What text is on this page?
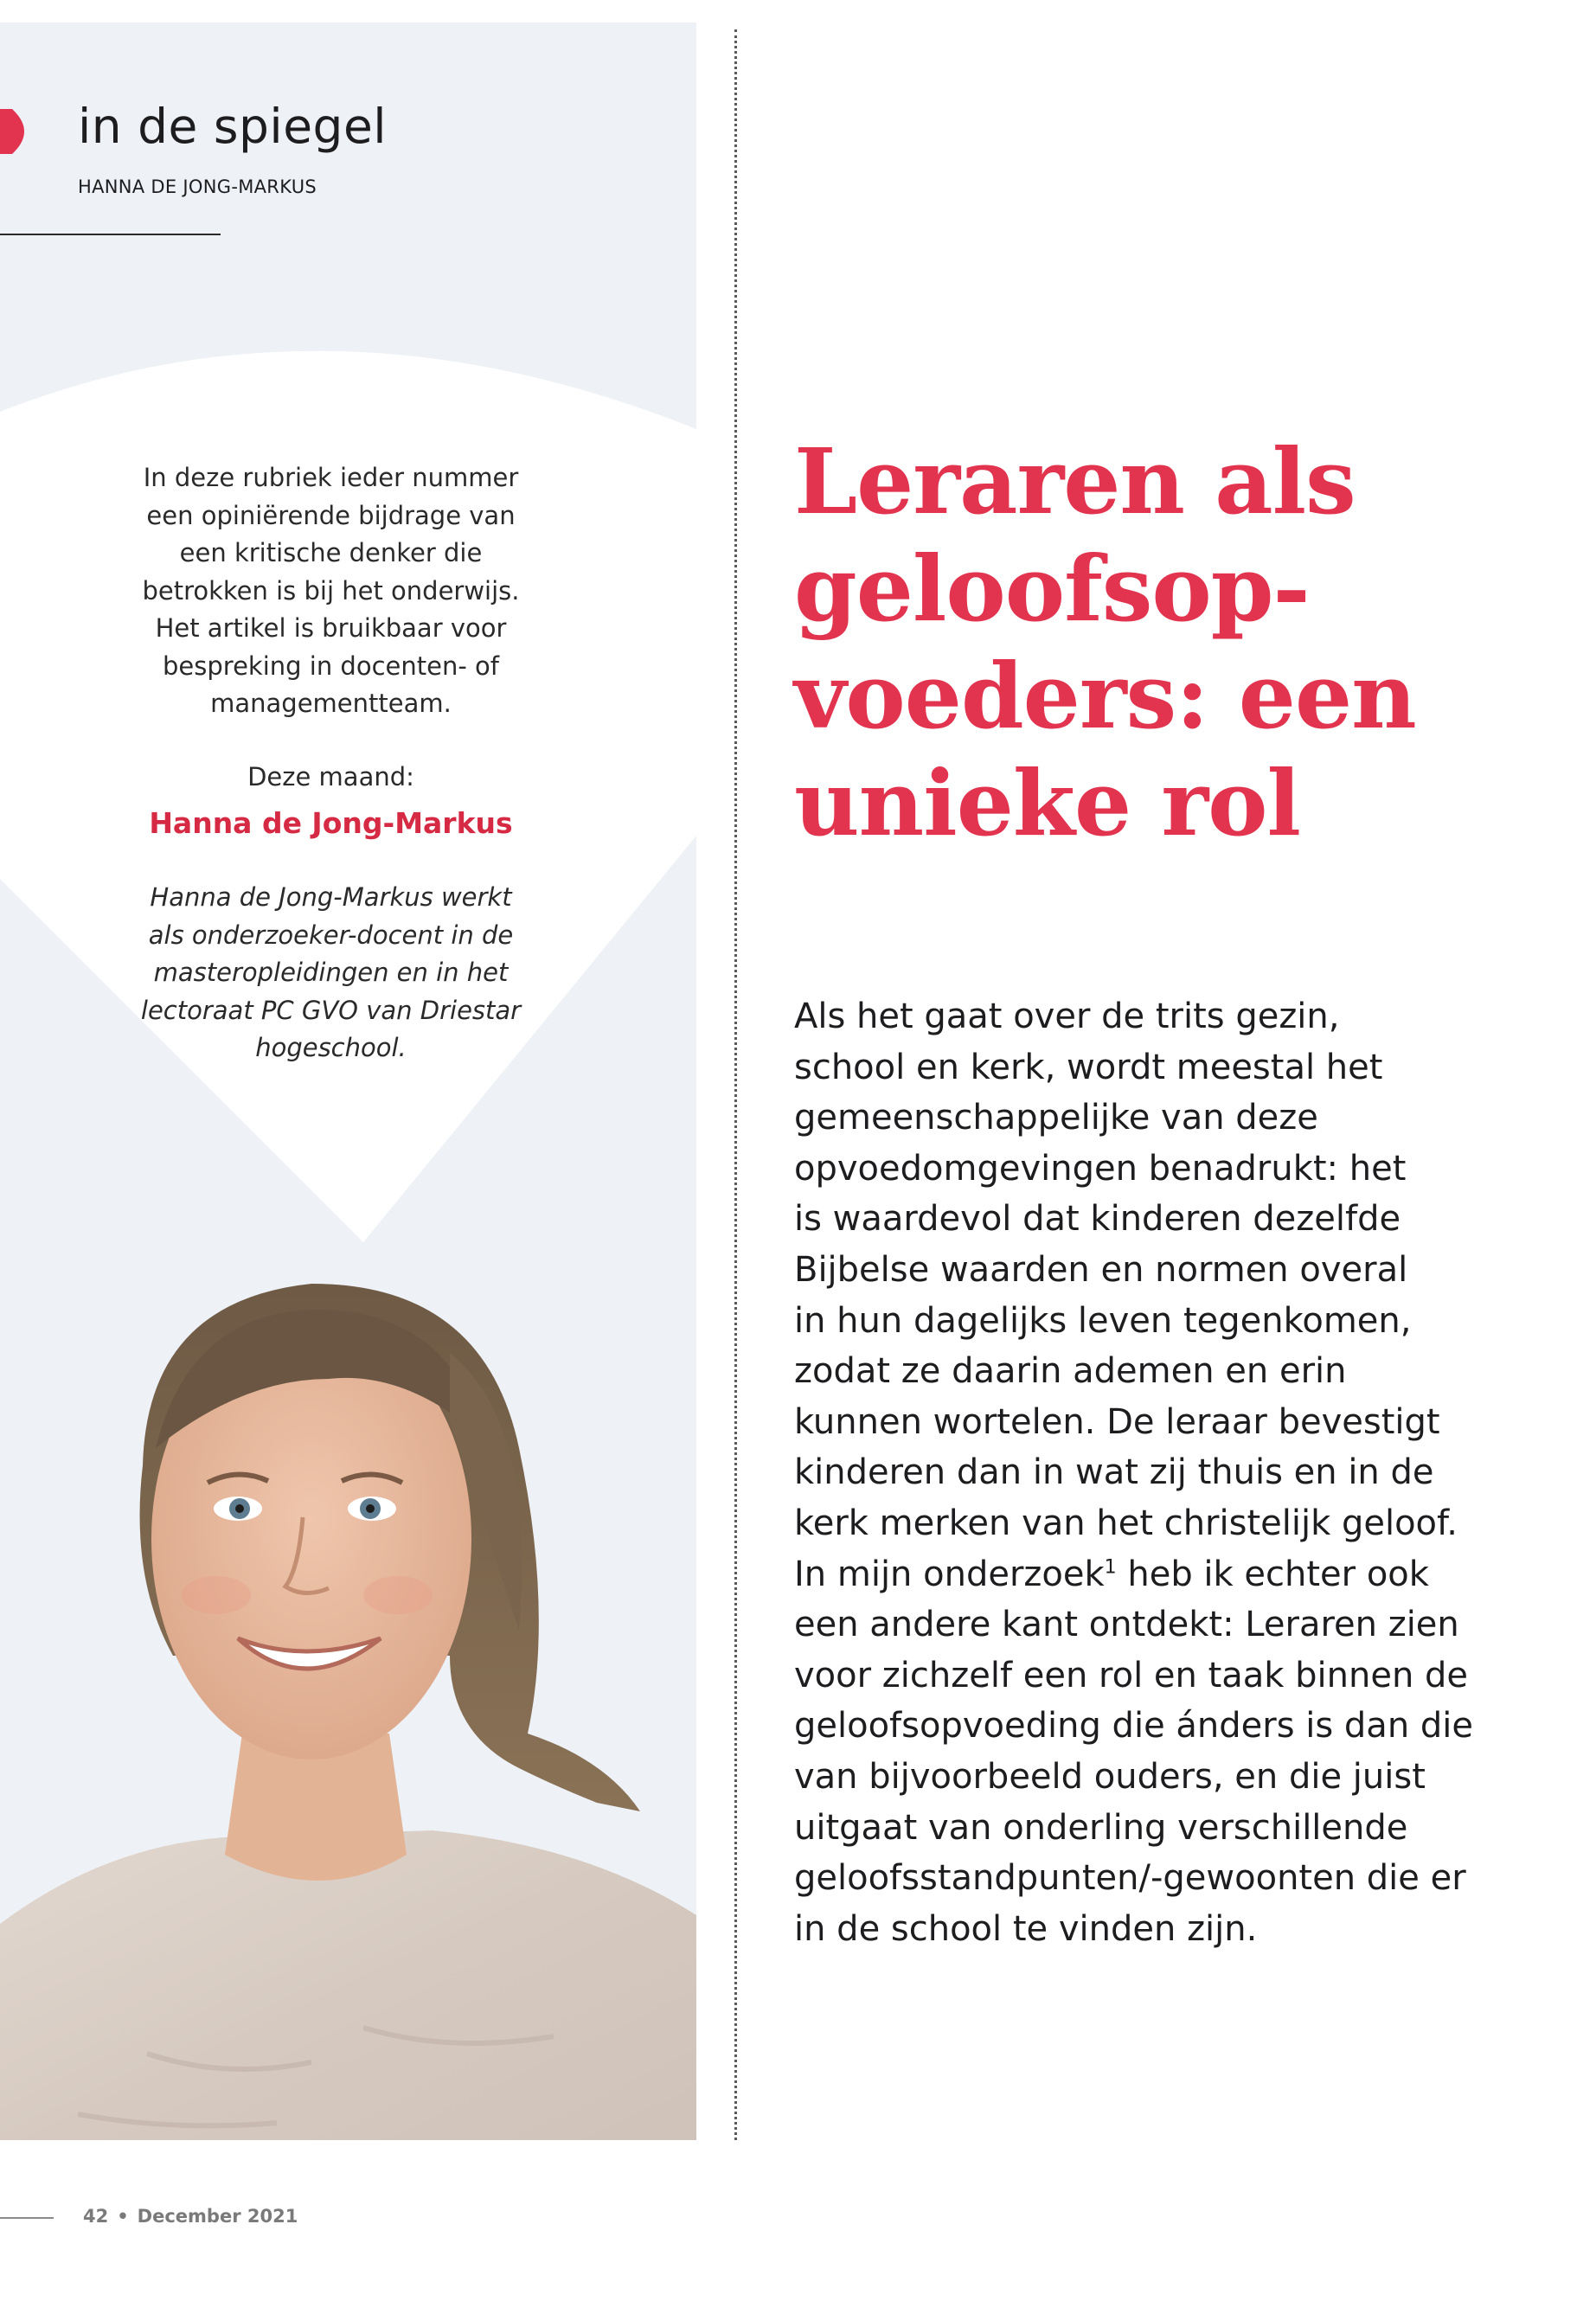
in de spiegel
HANNA DE JONG-MARKUS

In deze rubriek ieder nummer een opiniërende bijdrage van een kritische denker die betrokken is bij het onderwijs. Het artikel is bruikbaar voor bespreking in docenten- of managementteam.

Deze maand:

Hanna de Jong-Markus

Hanna de Jong-Markus werkt als onderzoeker-docent in de masteropleidingen en in het lectoraat PC GVO van Driestar hogeschool.

Leraren als
geloofsop-
voeders: een
unieke rol
Als het gaat over de trits gezin,
school en kerk, wordt meestal het
gemeenschappelijke van deze
opvoedomgevingen benadrukt: het
is waardevol dat kinderen dezelfde
Bijbelse waarden en normen overal
in hun dagelijks leven tegenkomen,
zodat ze daarin ademen en erin
kunnen wortelen. De leraar bevestigt
kinderen dan in wat zij thuis en in de
kerk merken van het christelijk geloof.
In mijn onderzoek$^1$ heb ik echter ook
een andere kant ontdekt: Leraren zien
voor zichzelf een rol en taak binnen de
geloofsopvoeding die ánders is dan die
van bijvoorbeeld ouders, en die juist
uitgaat van onderling verschillende
geloofsstandpunten/-gewoonten die er
in de school te vinden zijn.
42 • December 2021
